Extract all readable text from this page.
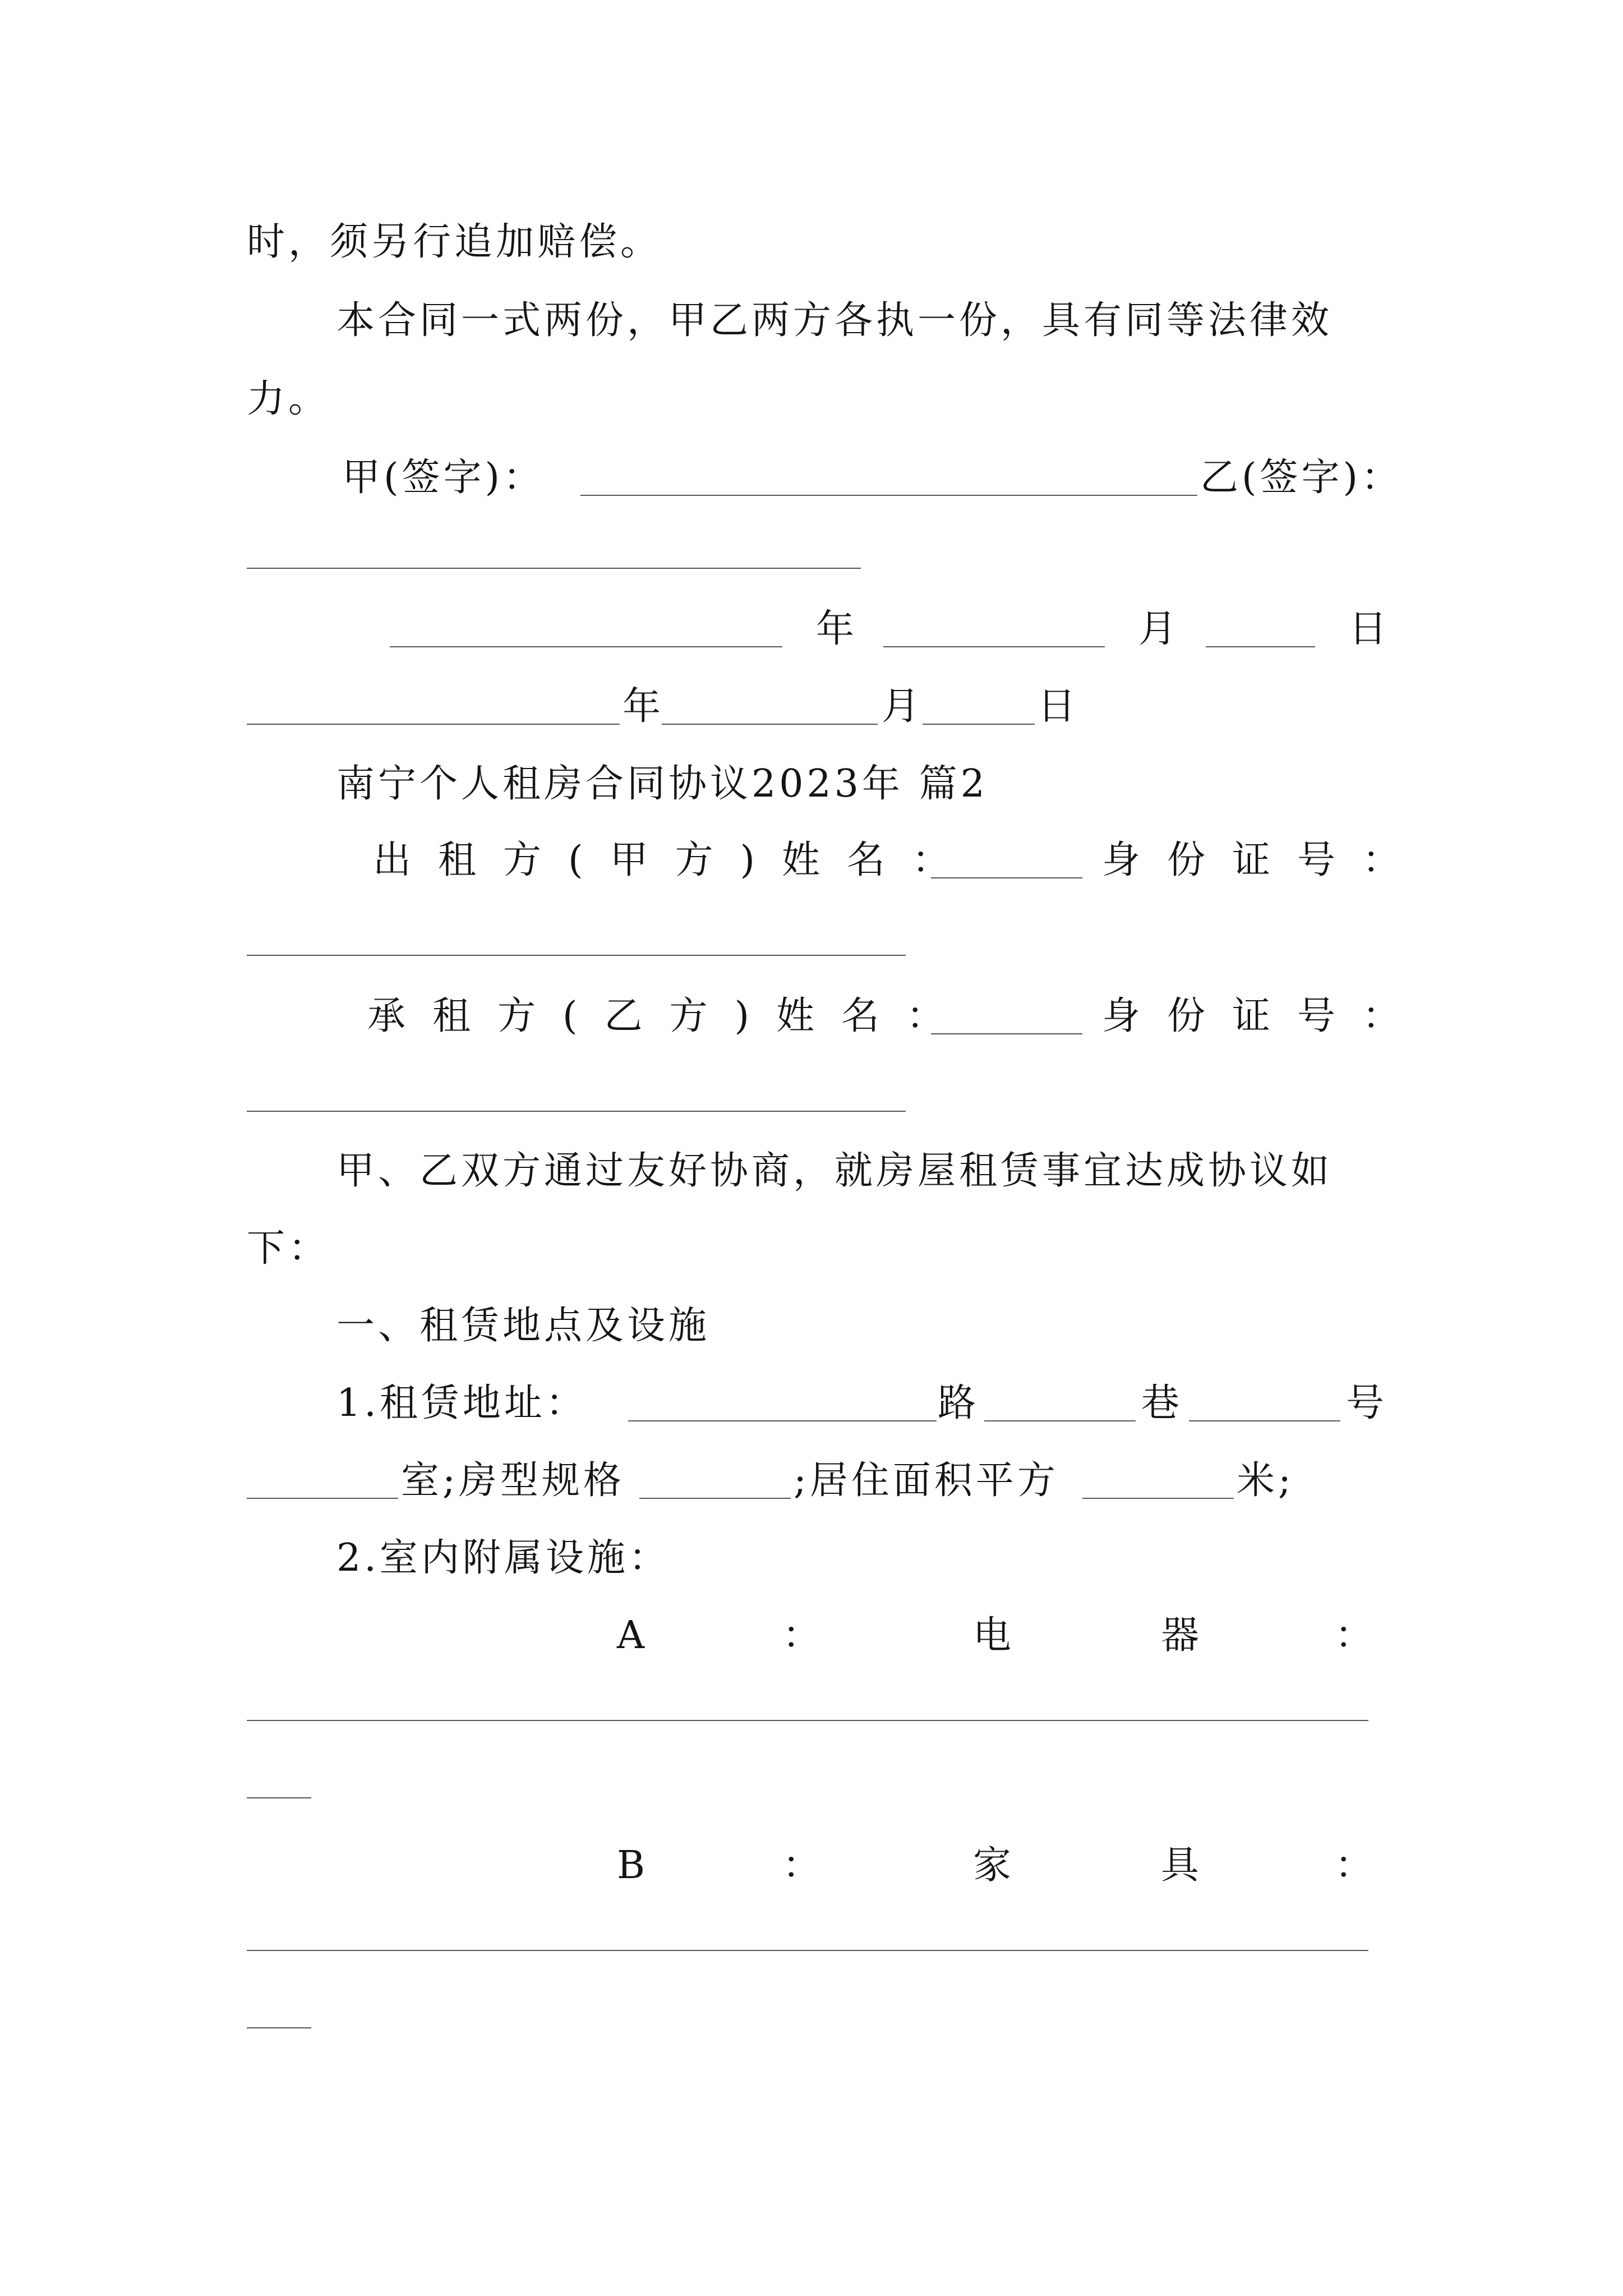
时，须另行追加赔偿。
本合同一式两份，甲乙两方各执一份，具有同等法律效
力。
甲(签字)：	乙(签字)：
年	月	日
年	月	日
南宁个人租房合同协议2023年 篇2
出租方(甲方)姓名：	身份证号：
承租方(乙方)姓名：	身份证号：
甲、乙双方通过友好协商，就房屋租赁事宜达成协议如
下：
一、租赁地点及设施
1.租赁地址：	路	巷	号
室;房型规格	;居住面积平方	米;
2.室内附属设施：
A	：	电	器	：
B	：	家	具	：
